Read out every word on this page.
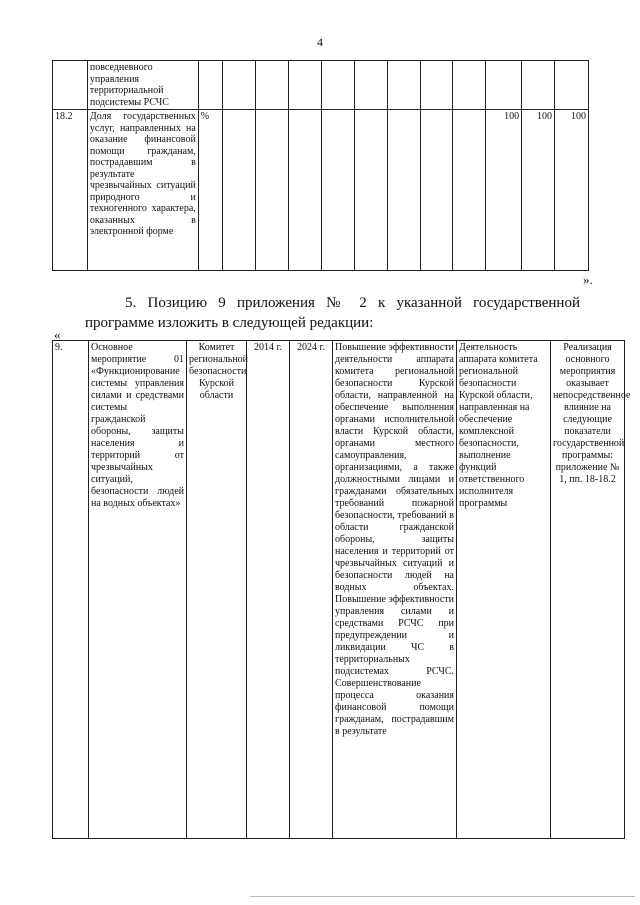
4
	повседневного управления территориальной подсистемы РСЧС												
18.2	Доля государственных услуг, направленных на оказание финансовой помощи гражданам, пострадавшим в результате чрезвычайных ситуаций природного и техногенного характера, оказанных в электронной форме	%									100	100	100
».
5. Позицию 9 приложения № 2 к указанной государственной программе изложить в следующей редакции:
«
9.	Основное мероприятие 01 «Функционирование системы управления силами и средствами системы гражданской обороны, защиты населения и территорий от чрезвычайных ситуаций, безопасности людей на водных объектах»	Комитет региональной безопасности Курской области	2014 г.	2024 г.	Повышение эффективности деятельности аппарата комитета региональной безопасности Курской области, направленной на обеспечение выполнения органами исполнительной власти Курской области, органами местного самоуправления, организациями, а также должностными лицами и гражданами обязательных требований пожарной безопасности, требований в области гражданской обороны, защиты населения и территорий от чрезвычайных ситуаций и безопасности людей на водных объектах. Повышение эффективности управления силами и средствами РСЧС при предупреждении и ликвидации ЧС в территориальных подсистемах РСЧС. Совершенствование процесса оказания финансовой помощи гражданам, пострадавшим в результате	Деятельность аппарата комитета региональной безопасности Курской области, направленная на обеспечение комплексной безопасности, выполнение функций ответственного исполнителя программы	Реализация основного мероприятия оказывает непосредственное влияние на следующие показатели государственной программы: приложение № 1, пп. 18-18.2
